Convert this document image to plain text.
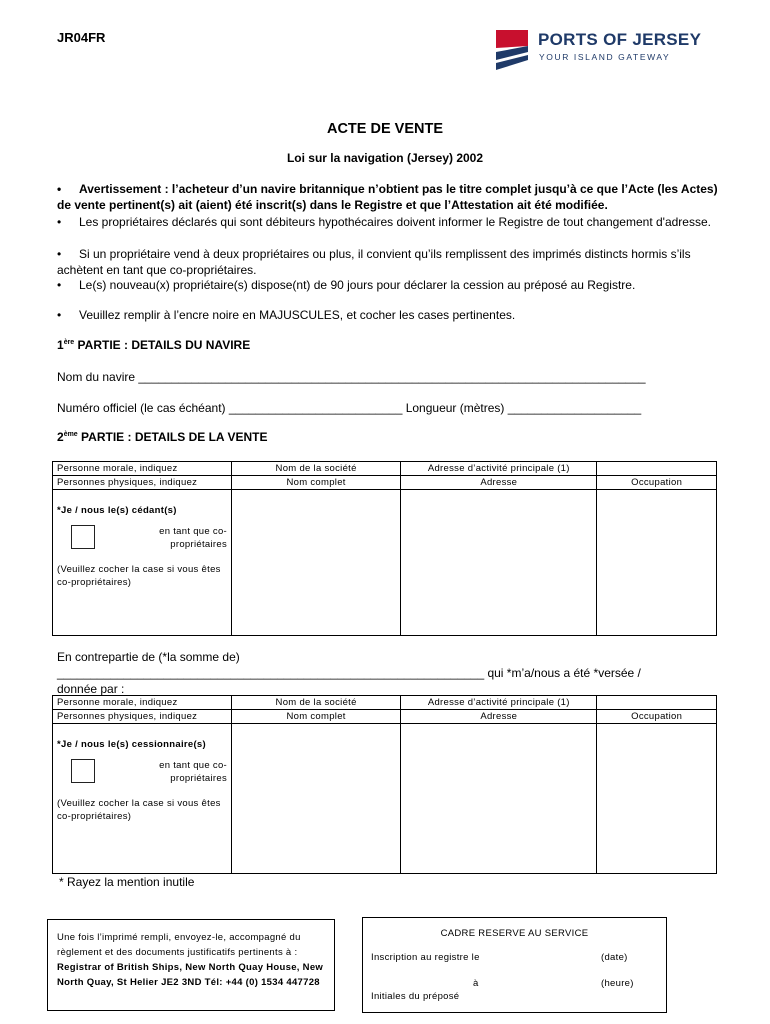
JR04FR	PORTS OF JERSEY
YOUR ISLAND GATEWAY
ACTE DE VENTE
Loi sur la navigation (Jersey) 2002
• Avertissement : l’acheteur d’un navire britannique n’obtient pas le titre complet jusqu’à ce que l’Acte (les Actes) de vente pertinent(s) ait (aient) été inscrit(s) dans le Registre et que l’Attestation ait été modifiée.
• Les propriétaires déclarés qui sont débiteurs hypothécaires doivent informer le Registre de tout changement d'adresse.
• Si un propriétaire vend à deux propriétaires ou plus, il convient qu’ils remplissent des imprimés distincts hormis s’ils achètent en tant que co-propriétaires.
• Le(s) nouveau(x) propriétaire(s) dispose(nt) de 90 jours pour déclarer la cession au préposé au Registre.
• Veuillez remplir à l’encre noire en MAJUSCULES, et cocher les cases pertinentes.
1ère PARTIE : DETAILS DU NAVIRE
Nom du navire ____________________________________________________________________________
Numéro officiel (le cas échéant) __________________________ Longueur (mètres) ____________________
2ème PARTIE : DETAILS DE LA VENTE
Personne morale, indiquez	Nom de la société	Adresse d’activité principale (1)	
Personnes physiques, indiquez	Nom complet	Adresse	Occupation

*Je / nous le(s) cédant(s)
en tant que co-propriétaires
(Veuillez cocher la case si vous êtes co-propriétaires)			

En contrepartie de (*la somme de)
________________________________________________________________ qui *m’a/nous a été *versée /
donnée par :
Personne morale, indiquez	Nom de la société	Adresse d’activité principale (1)	
Personnes physiques, indiquez	Nom complet	Adresse	Occupation

*Je / nous le(s) cessionnaire(s)
en tant que co-propriétaires
(Veuillez cocher la case si vous êtes co-propriétaires)			

* Rayez la mention inutile
Une fois l’imprimé rempli, envoyez-le, accompagné du
règlement et des documents justificatifs pertinents à :
Registrar of British Ships, New North Quay House, New
North Quay, St Helier JE2 3ND Tél: +44 (0) 1534 447728
CADRE RESERVE AU SERVICE
Inscription au registre le	(date)
à	(heure)
Initiales du préposé
